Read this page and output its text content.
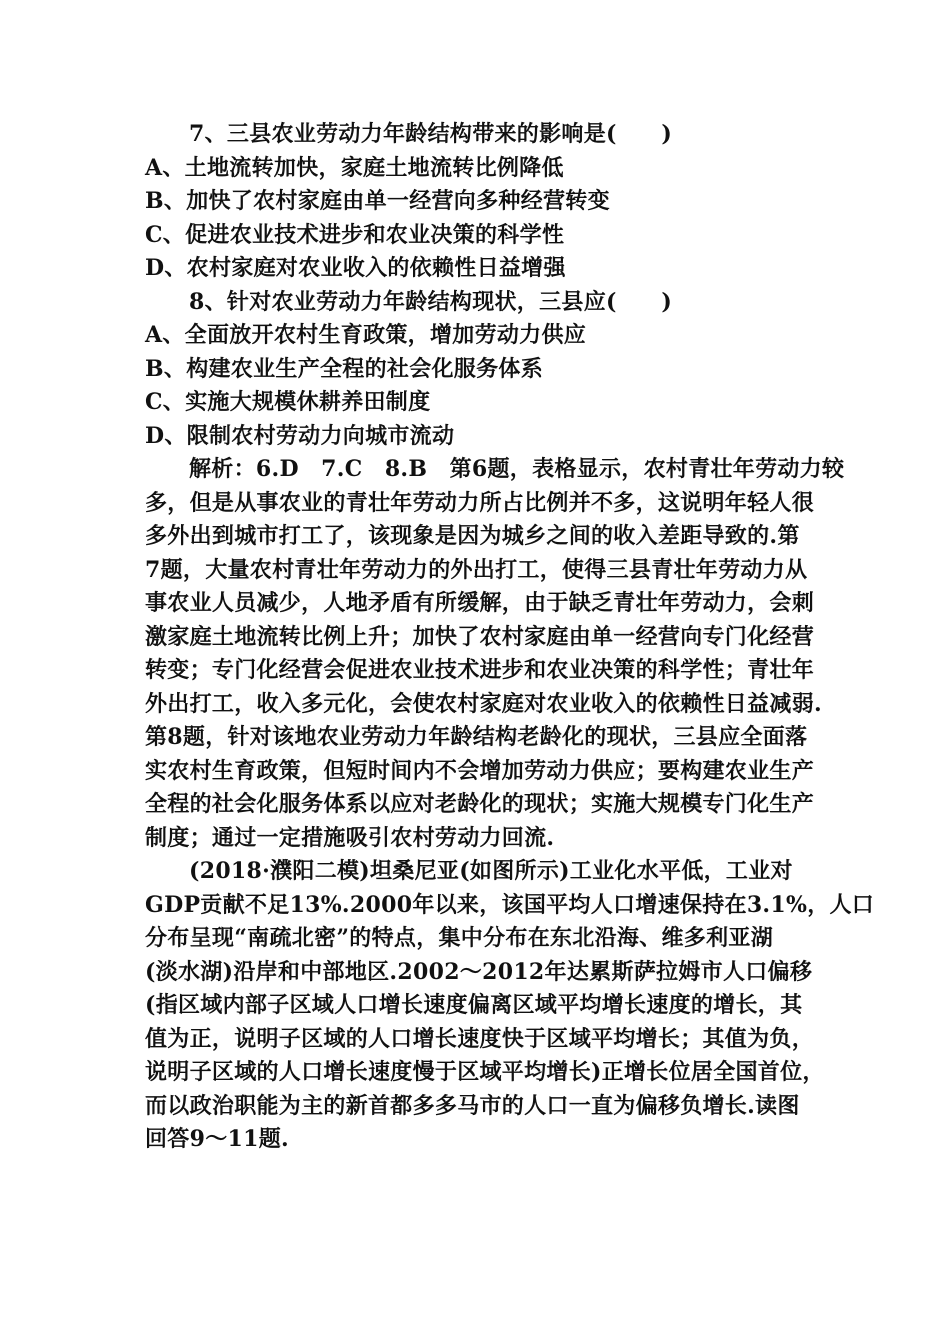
7、三县农业劳动力年龄结构带来的影响是(　　)
A、土地流转加快，家庭土地流转比例降低
B、加快了农村家庭由单一经营向多种经营转变
C、促进农业技术进步和农业决策的科学性
D、农村家庭对农业收入的依赖性日益增强
8、针对农业劳动力年龄结构现状，三县应(　　)
A、全面放开农村生育政策，增加劳动力供应
B、构建农业生产全程的社会化服务体系
C、实施大规模休耕养田制度
D、限制农村劳动力向城市流动
解析：6.D　7.C　8.B　第6题，表格显示，农村青壮年劳动力较
多，但是从事农业的青壮年劳动力所占比例并不多，这说明年轻人很
多外出到城市打工了，该现象是因为城乡之间的收入差距导致的.第
7题，大量农村青壮年劳动力的外出打工，使得三县青壮年劳动力从
事农业人员减少，人地矛盾有所缓解，由于缺乏青壮年劳动力，会刺
激家庭土地流转比例上升；加快了农村家庭由单一经营向专门化经营
转变；专门化经营会促进农业技术进步和农业决策的科学性；青壮年
外出打工，收入多元化，会使农村家庭对农业收入的依赖性日益减弱.
第8题，针对该地农业劳动力年龄结构老龄化的现状，三县应全面落
实农村生育政策，但短时间内不会增加劳动力供应；要构建农业生产
全程的社会化服务体系以应对老龄化的现状；实施大规模专门化生产
制度；通过一定措施吸引农村劳动力回流.
(2018·濮阳二模)坦桑尼亚(如图所示)工业化水平低，工业对
GDP贡献不足13%.2000年以来，该国平均人口增速保持在3.1%，人口
分布呈现“南疏北密”的特点，集中分布在东北沿海、维多利亚湖
(淡水湖)沿岸和中部地区.2002～2012年达累斯萨拉姆市人口偏移
(指区域内部子区域人口增长速度偏离区域平均增长速度的增长，其
值为正，说明子区域的人口增长速度快于区域平均增长；其值为负，
说明子区域的人口增长速度慢于区域平均增长)正增长位居全国首位，
而以政治职能为主的新首都多多马市的人口一直为偏移负增长.读图
回答9～11题.
